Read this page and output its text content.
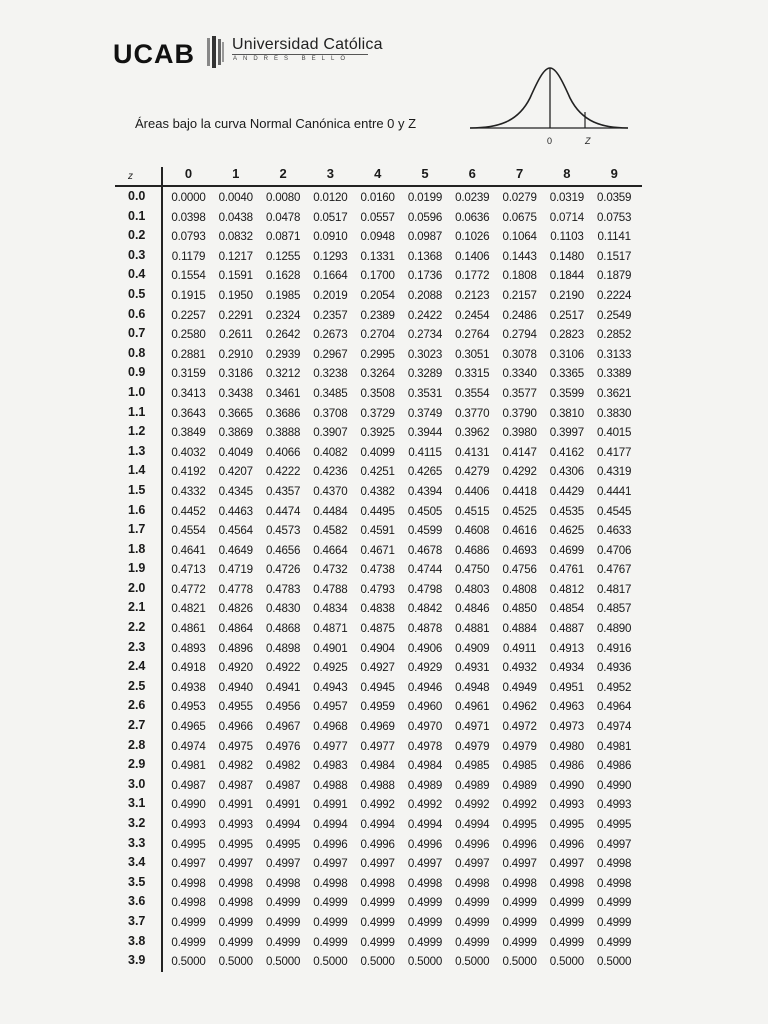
UCAB Universidad Católica
ANDRÉS BELLO
Áreas bajo la curva Normal Canónica entre 0 y Z
0	Z
z	0	1	2	3	4	5	6	7	8	9
0.0	0.0000	0.0040	0.0080	0.0120	0.0160	0.0199	0.0239	0.0279	0.0319	0.0359
0.1	0.0398	0.0438	0.0478	0.0517	0.0557	0.0596	0.0636	0.0675	0.0714	0.0753
0.2	0.0793	0.0832	0.0871	0.0910	0.0948	0.0987	0.1026	0.1064	0.1103	0.1141
0.3	0.1179	0.1217	0.1255	0.1293	0.1331	0.1368	0.1406	0.1443	0.1480	0.1517
0.4	0.1554	0.1591	0.1628	0.1664	0.1700	0.1736	0.1772	0.1808	0.1844	0.1879
0.5	0.1915	0.1950	0.1985	0.2019	0.2054	0.2088	0.2123	0.2157	0.2190	0.2224
0.6	0.2257	0.2291	0.2324	0.2357	0.2389	0.2422	0.2454	0.2486	0.2517	0.2549
0.7	0.2580	0.2611	0.2642	0.2673	0.2704	0.2734	0.2764	0.2794	0.2823	0.2852
0.8	0.2881	0.2910	0.2939	0.2967	0.2995	0.3023	0.3051	0.3078	0.3106	0.3133
0.9	0.3159	0.3186	0.3212	0.3238	0.3264	0.3289	0.3315	0.3340	0.3365	0.3389
1.0	0.3413	0.3438	0.3461	0.3485	0.3508	0.3531	0.3554	0.3577	0.3599	0.3621
1.1	0.3643	0.3665	0.3686	0.3708	0.3729	0.3749	0.3770	0.3790	0.3810	0.3830
1.2	0.3849	0.3869	0.3888	0.3907	0.3925	0.3944	0.3962	0.3980	0.3997	0.4015
1.3	0.4032	0.4049	0.4066	0.4082	0.4099	0.4115	0.4131	0.4147	0.4162	0.4177
1.4	0.4192	0.4207	0.4222	0.4236	0.4251	0.4265	0.4279	0.4292	0.4306	0.4319
1.5	0.4332	0.4345	0.4357	0.4370	0.4382	0.4394	0.4406	0.4418	0.4429	0.4441
1.6	0.4452	0.4463	0.4474	0.4484	0.4495	0.4505	0.4515	0.4525	0.4535	0.4545
1.7	0.4554	0.4564	0.4573	0.4582	0.4591	0.4599	0.4608	0.4616	0.4625	0.4633
1.8	0.4641	0.4649	0.4656	0.4664	0.4671	0.4678	0.4686	0.4693	0.4699	0.4706
1.9	0.4713	0.4719	0.4726	0.4732	0.4738	0.4744	0.4750	0.4756	0.4761	0.4767
2.0	0.4772	0.4778	0.4783	0.4788	0.4793	0.4798	0.4803	0.4808	0.4812	0.4817
2.1	0.4821	0.4826	0.4830	0.4834	0.4838	0.4842	0.4846	0.4850	0.4854	0.4857
2.2	0.4861	0.4864	0.4868	0.4871	0.4875	0.4878	0.4881	0.4884	0.4887	0.4890
2.3	0.4893	0.4896	0.4898	0.4901	0.4904	0.4906	0.4909	0.4911	0.4913	0.4916
2.4	0.4918	0.4920	0.4922	0.4925	0.4927	0.4929	0.4931	0.4932	0.4934	0.4936
2.5	0.4938	0.4940	0.4941	0.4943	0.4945	0.4946	0.4948	0.4949	0.4951	0.4952
2.6	0.4953	0.4955	0.4956	0.4957	0.4959	0.4960	0.4961	0.4962	0.4963	0.4964
2.7	0.4965	0.4966	0.4967	0.4968	0.4969	0.4970	0.4971	0.4972	0.4973	0.4974
2.8	0.4974	0.4975	0.4976	0.4977	0.4977	0.4978	0.4979	0.4979	0.4980	0.4981
2.9	0.4981	0.4982	0.4982	0.4983	0.4984	0.4984	0.4985	0.4985	0.4986	0.4986
3.0	0.4987	0.4987	0.4987	0.4988	0.4988	0.4989	0.4989	0.4989	0.4990	0.4990
3.1	0.4990	0.4991	0.4991	0.4991	0.4992	0.4992	0.4992	0.4992	0.4993	0.4993
3.2	0.4993	0.4993	0.4994	0.4994	0.4994	0.4994	0.4994	0.4995	0.4995	0.4995
3.3	0.4995	0.4995	0.4995	0.4996	0.4996	0.4996	0.4996	0.4996	0.4996	0.4997
3.4	0.4997	0.4997	0.4997	0.4997	0.4997	0.4997	0.4997	0.4997	0.4997	0.4998
3.5	0.4998	0.4998	0.4998	0.4998	0.4998	0.4998	0.4998	0.4998	0.4998	0.4998
3.6	0.4998	0.4998	0.4999	0.4999	0.4999	0.4999	0.4999	0.4999	0.4999	0.4999
3.7	0.4999	0.4999	0.4999	0.4999	0.4999	0.4999	0.4999	0.4999	0.4999	0.4999
3.8	0.4999	0.4999	0.4999	0.4999	0.4999	0.4999	0.4999	0.4999	0.4999	0.4999
3.9	0.5000	0.5000	0.5000	0.5000	0.5000	0.5000	0.5000	0.5000	0.5000	0.5000
